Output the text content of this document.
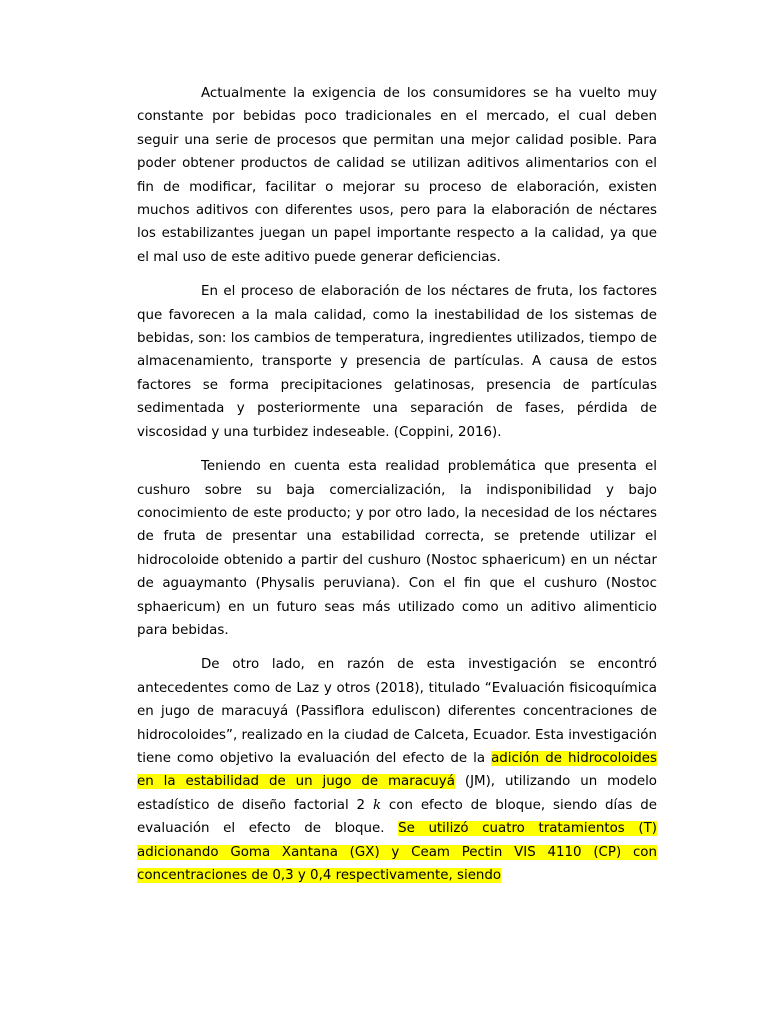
Actualmente la exigencia de los consumidores se ha vuelto muy constante por bebidas poco tradicionales en el mercado, el cual deben seguir una serie de procesos que permitan una mejor calidad posible. Para poder obtener productos de calidad se utilizan aditivos alimentarios con el fin de modificar, facilitar o mejorar su proceso de elaboración, existen muchos aditivos con diferentes usos, pero para la elaboración de néctares los estabilizantes juegan un papel importante respecto a la calidad, ya que el mal uso de este aditivo puede generar deficiencias.

En el proceso de elaboración de los néctares de fruta, los factores que favorecen a la mala calidad, como la inestabilidad de los sistemas de bebidas, son: los cambios de temperatura, ingredientes utilizados, tiempo de almacenamiento, transporte y presencia de partículas. A causa de estos factores se forma precipitaciones gelatinosas, presencia de partículas sedimentada y posteriormente una separación de fases, pérdida de viscosidad y una turbidez indeseable. (Coppini, 2016).

Teniendo en cuenta esta realidad problemática que presenta el cushuro sobre su baja comercialización, la indisponibilidad y bajo conocimiento de este producto; y por otro lado, la necesidad de los néctares de fruta de presentar una estabilidad correcta, se pretende utilizar el hidrocoloide obtenido a partir del cushuro (Nostoc sphaericum) en un néctar de aguaymanto (Physalis peruviana). Con el fin que el cushuro (Nostoc sphaericum) en un futuro seas más utilizado como un aditivo alimenticio para bebidas.

De otro lado, en razón de esta investigación se encontró antecedentes como de Laz y otros (2018), titulado “Evaluación fisicoquímica en jugo de maracuyá (Passiflora eduliscon) diferentes concentraciones de hidrocoloides”, realizado en la ciudad de Calceta, Ecuador. Esta investigación tiene como objetivo la evaluación del efecto de la adición de hidrocoloides en la estabilidad de un jugo de maracuyá (JM), utilizando un modelo estadístico de diseño factorial 2 k con efecto de bloque, siendo días de evaluación el efecto de bloque. Se utilizó cuatro tratamientos (T) adicionando Goma Xantana (GX) y Ceam Pectin VIS 4110 (CP) con concentraciones de 0,3 y 0,4 respectivamente, siendo
